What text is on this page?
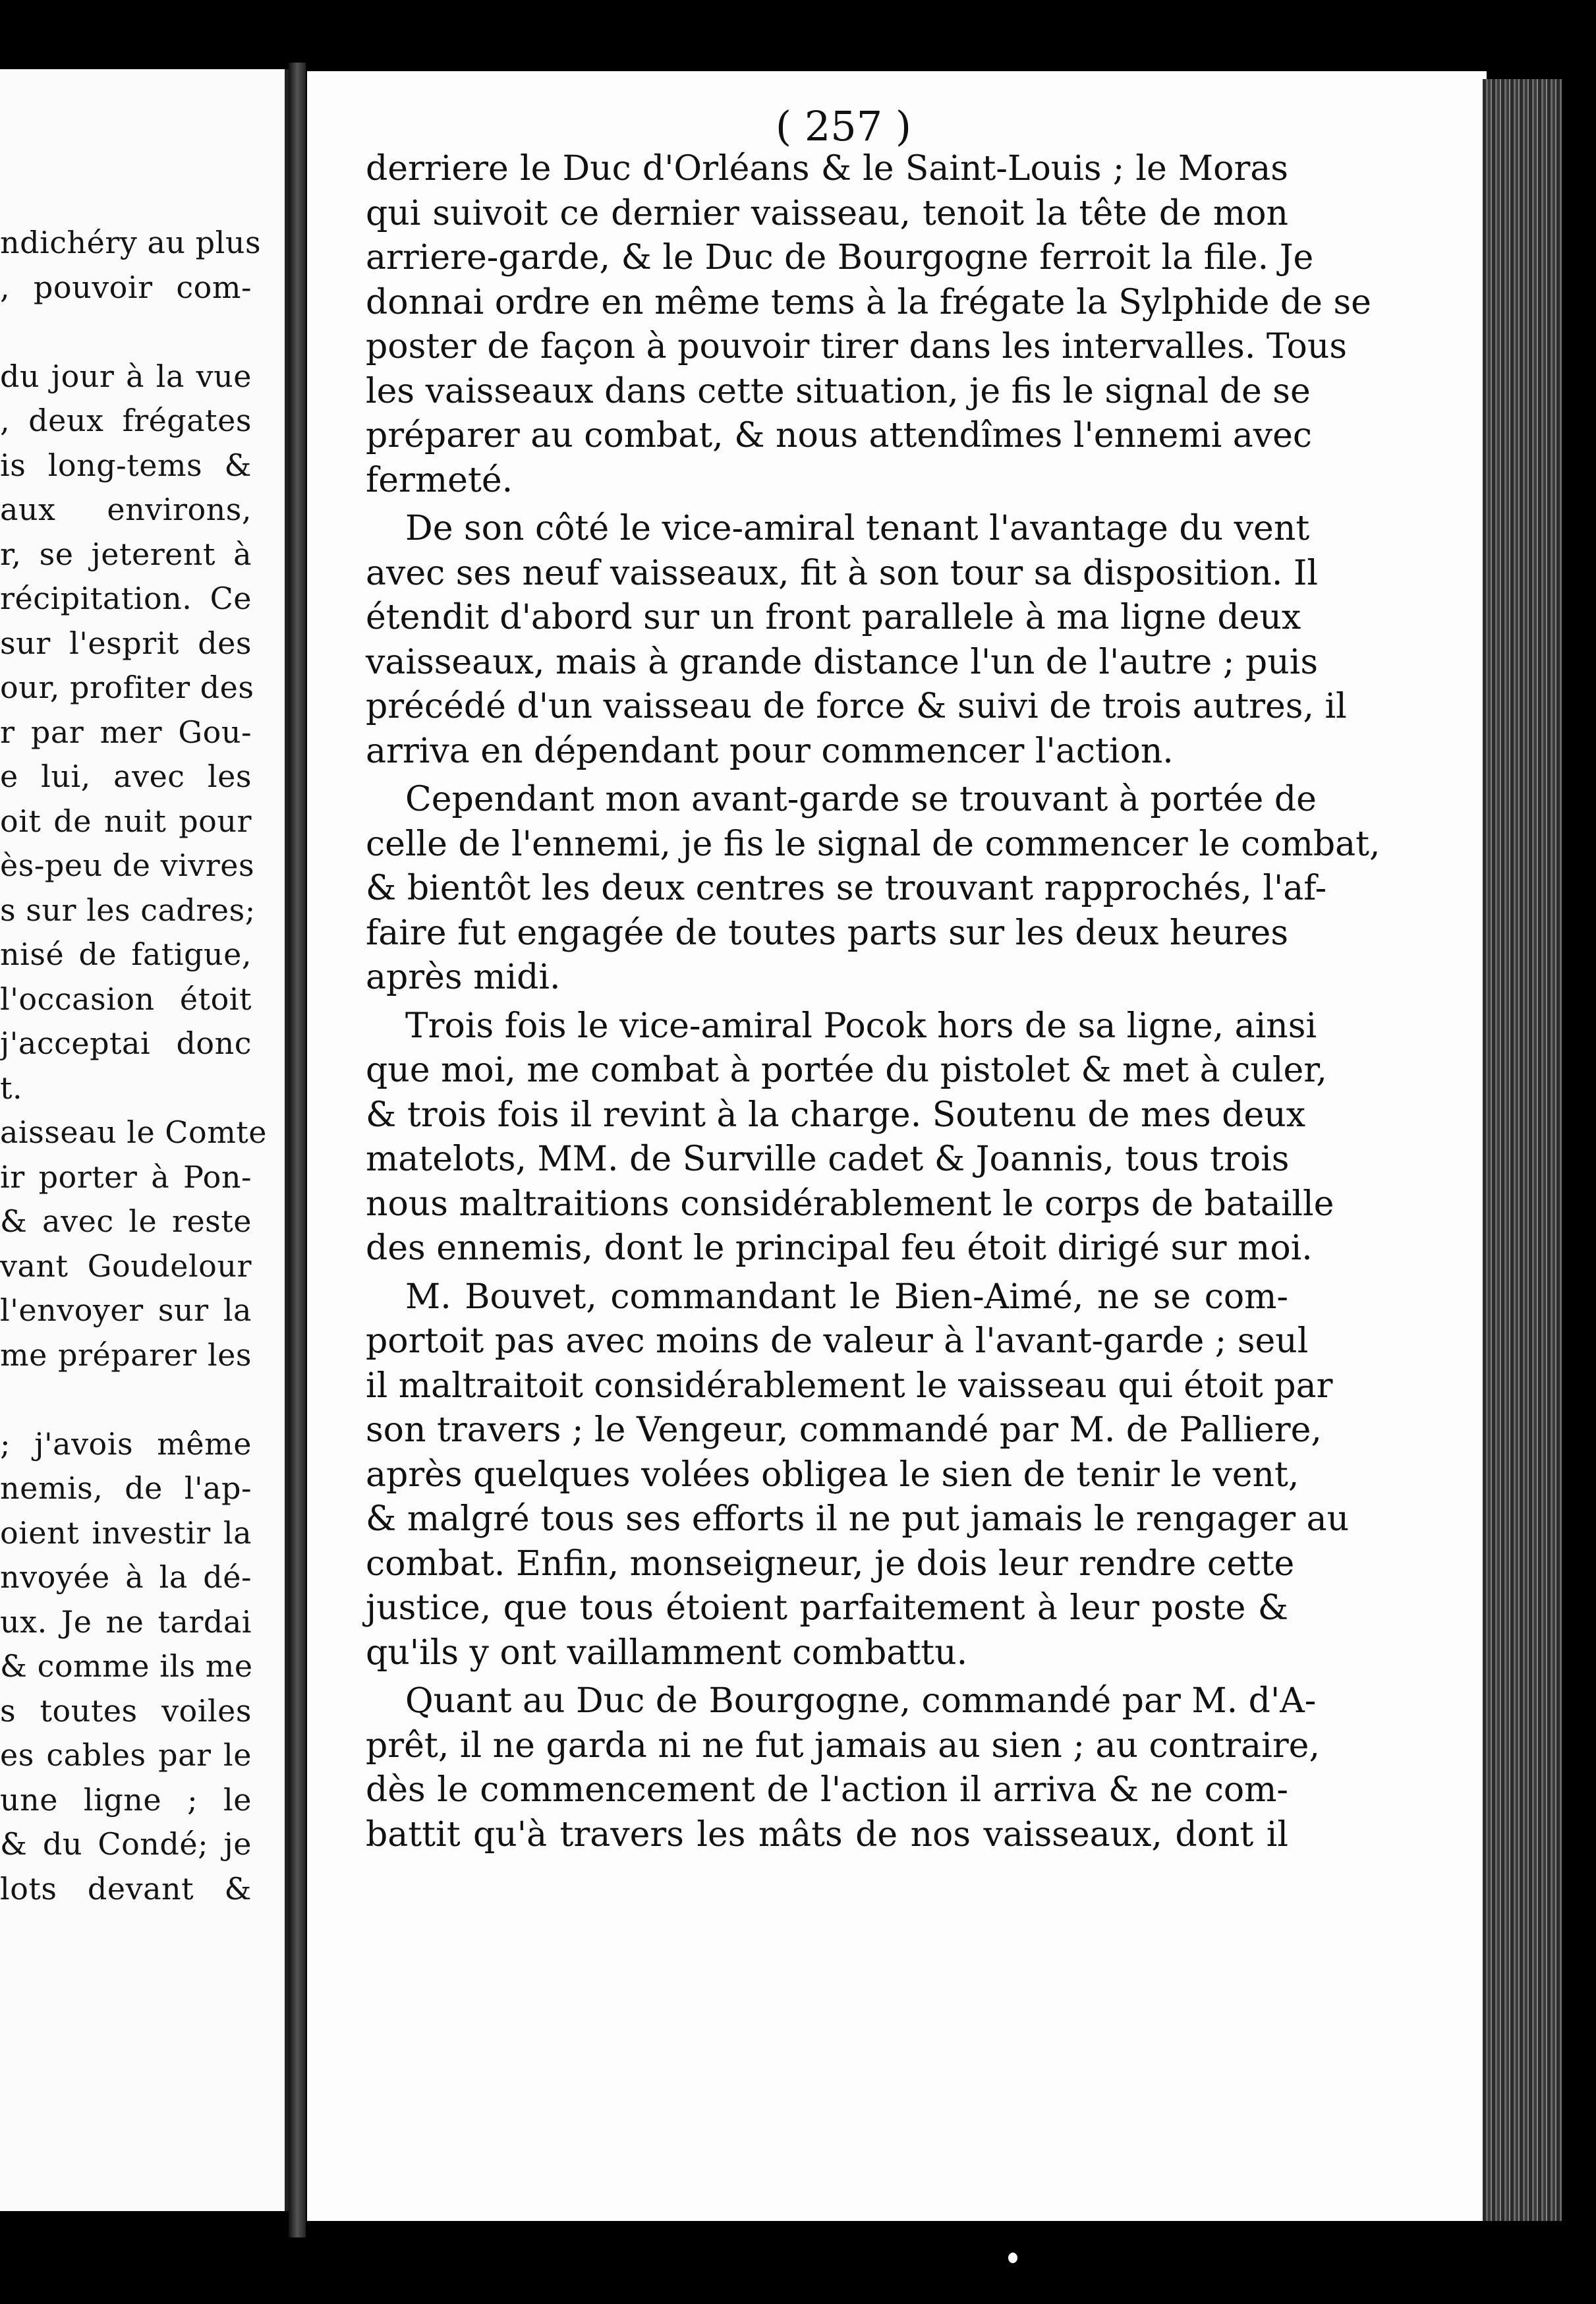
ndichéry au plus
, pouvoir com-
du jour à la vue
, deux frégates
is long-tems &
aux environs,
r, se jeterent à
récipitation. Ce
sur l'esprit des
our, profiter des
r par mer Gou-
e lui, avec les
oit de nuit pour
ès-peu de vivres
s sur les cadres;
nisé de fatigue,
l'occasion étoit
j'acceptai donc
t.
aisseau le Comte
ir porter à Pon-
& avec le reste
vant Goudelour
l'envoyer sur la
me préparer les
; j'avois même
nemis, de l'ap-
oient investir la
nvoyée à la dé-
ux. Je ne tardai
& comme ils me
s toutes voiles
es cables par le
une ligne ; le
& du Condé; je
lots devant &
( 257 )
derriere le Duc d'Orléans & le Saint-Louis ; le Moras
qui suivoit ce dernier vaisseau, tenoit la tête de mon
arriere-garde, & le Duc de Bourgogne ferroit la file. Je
donnai ordre en même tems à la frégate la Sylphide de se
poster de façon à pouvoir tirer dans les intervalles. Tous
les vaisseaux dans cette situation, je fis le signal de se
préparer au combat, & nous attendîmes l'ennemi avec
fermeté.
De son côté le vice-amiral tenant l'avantage du vent
avec ses neuf vaisseaux, fit à son tour sa disposition. Il
étendit d'abord sur un front parallele à ma ligne deux
vaisseaux, mais à grande distance l'un de l'autre ; puis
précédé d'un vaisseau de force & suivi de trois autres, il
arriva en dépendant pour commencer l'action.
Cependant mon avant-garde se trouvant à portée de
celle de l'ennemi, je fis le signal de commencer le combat,
& bientôt les deux centres se trouvant rapprochés, l'af-
faire fut engagée de toutes parts sur les deux heures
après midi.
Trois fois le vice-amiral Pocok hors de sa ligne, ainsi
que moi, me combat à portée du pistolet & met à culer,
& trois fois il revint à la charge. Soutenu de mes deux
matelots, MM. de Surville cadet & Joannis, tous trois
nous maltraitions considérablement le corps de bataille
des ennemis, dont le principal feu étoit dirigé sur moi.
M. Bouvet, commandant le Bien-Aimé, ne se com-
portoit pas avec moins de valeur à l'avant-garde ; seul
il maltraitoit considérablement le vaisseau qui étoit par
son travers ; le Vengeur, commandé par M. de Palliere,
après quelques volées obligea le sien de tenir le vent,
& malgré tous ses efforts il ne put jamais le rengager au
combat. Enfin, monseigneur, je dois leur rendre cette
justice, que tous étoient parfaitement à leur poste &
qu'ils y ont vaillamment combattu.
Quant au Duc de Bourgogne, commandé par M. d'A-
prêt, il ne garda ni ne fut jamais au sien ; au contraire,
dès le commencement de l'action il arriva & ne com-
battit qu'à travers les mâts de nos vaisseaux, dont il
